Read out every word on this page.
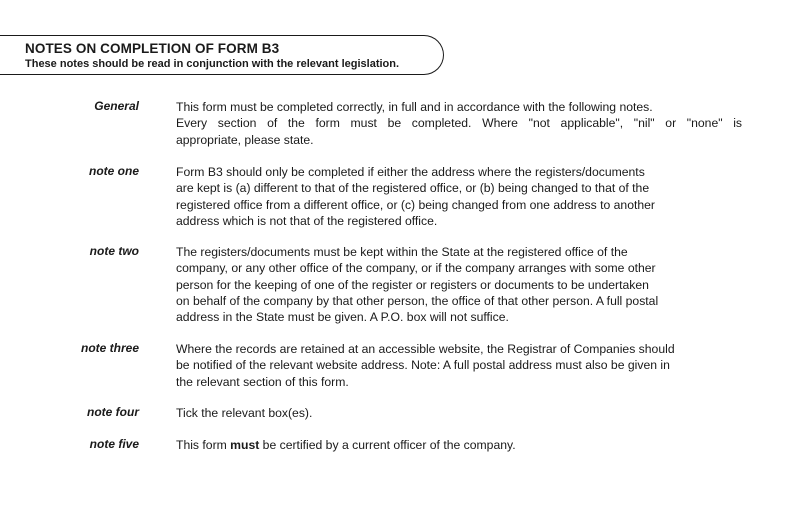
NOTES ON COMPLETION OF FORM B3
These notes should be read in conjunction with the relevant legislation.
General	This form must be completed correctly, in full and in accordance with the following notes.
Every section of the form must be completed. Where "not applicable", "nil" or "none" is
appropriate, please state.
note one	Form B3 should only be completed if either the address where the registers/documents
are kept is (a) different to that of the registered office, or (b) being changed to that of the
registered office from a different office, or (c) being changed from one address to another
address which is not that of the registered office.
note two	The registers/documents must be kept within the State at the registered office of the
company, or any other office of the company, or if the company arranges with some other
person for the keeping of one of the register or registers or documents to be undertaken
on behalf of the company by that other person, the office of that other person. A full postal
address in the State must be given. A P.O. box will not suffice.
note three	Where the records are retained at an accessible website, the Registrar of Companies should
be notified of the relevant website address. Note: A full postal address must also be given in
the relevant section of this form.
note four	Tick the relevant box(es).
note five	This form must be certified by a current officer of the company.
